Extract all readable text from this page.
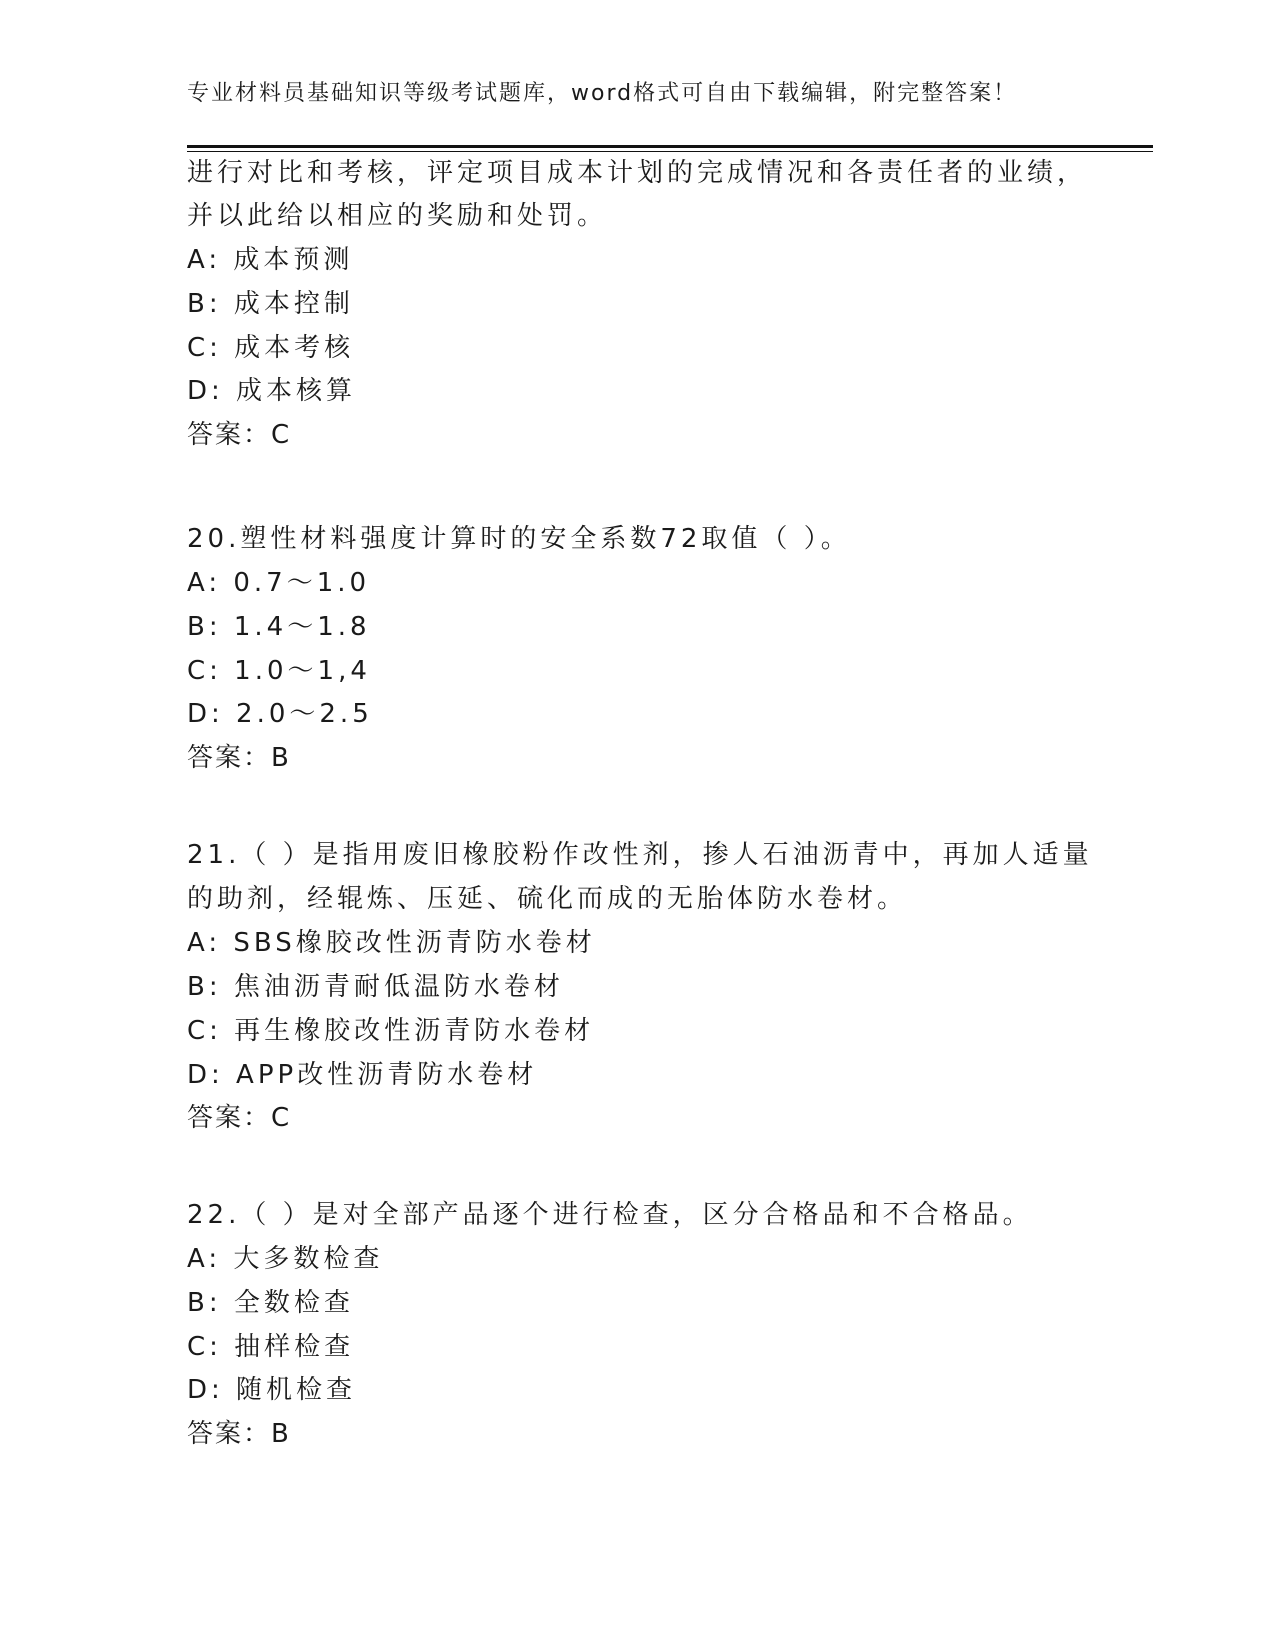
专业材料员基础知识等级考试题库，word格式可自由下载编辑，附完整答案！
进行对比和考核，评定项目成本计划的完成情况和各责任者的业绩，
并以此给以相应的奖励和处罚。
A: 成本预测
B: 成本控制
C: 成本考核
D: 成本核算
答案：C
20.塑性材料强度计算时的安全系数72取值（ ）。
A: 0.7～1.0
B: 1.4～1.8
C: 1.0～1,4
D: 2.0～2.5
答案：B
21.（ ）是指用废旧橡胶粉作改性剂，掺人石油沥青中，再加人适量
的助剂，经辊炼、压延、硫化而成的无胎体防水卷材。
A: SBS橡胶改性沥青防水卷材
B: 焦油沥青耐低温防水卷材
C: 再生橡胶改性沥青防水卷材
D: APP改性沥青防水卷材
答案：C
22.（ ）是对全部产品逐个进行检查，区分合格品和不合格品。
A: 大多数检查
B: 全数检查
C: 抽样检查
D: 随机检查
答案：B
